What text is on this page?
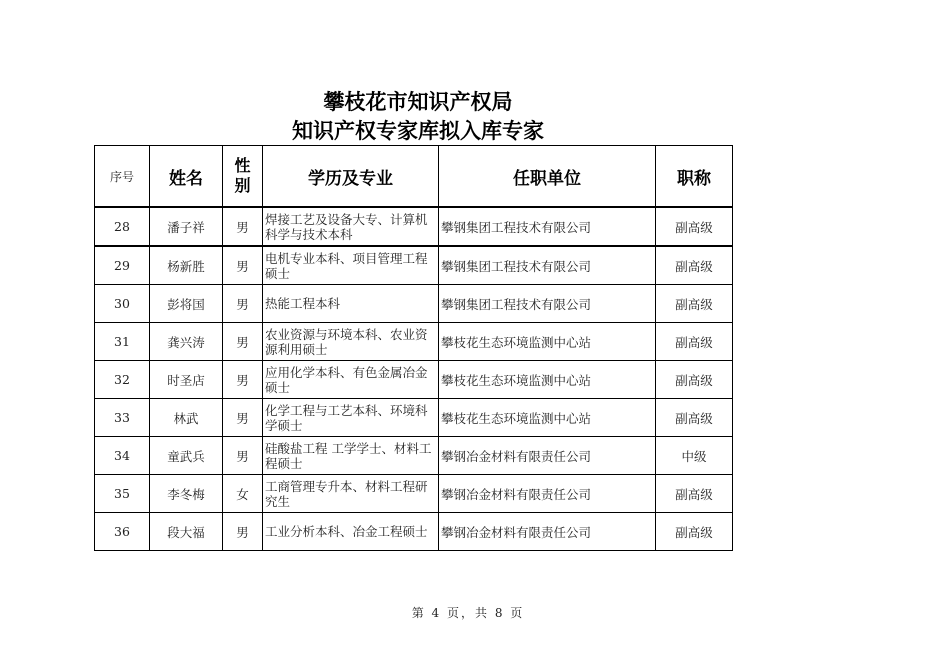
攀枝花市知识产权局
知识产权专家库拟入库专家
序号	姓名	性别	学历及专业	任职单位	职称
28	潘子祥	男	焊接工艺及设备大专、计算机科学与技术本科	攀钢集团工程技术有限公司	副高级
29	杨新胜	男	电机专业本科、项目管理工程硕士	攀钢集团工程技术有限公司	副高级
30	彭将国	男	热能工程本科	攀钢集团工程技术有限公司	副高级
31	龚兴涛	男	农业资源与环境本科、农业资源利用硕士	攀枝花生态环境监测中心站	副高级
32	时圣店	男	应用化学本科、有色金属冶金硕士	攀枝花生态环境监测中心站	副高级
33	林武	男	化学工程与工艺本科、环境科学硕士	攀枝花生态环境监测中心站	副高级
34	童武兵	男	硅酸盐工程 工学学士、材料工程硕士	攀钢冶金材料有限责任公司	中级
35	李冬梅	女	工商管理专升本、材料工程研究生	攀钢冶金材料有限责任公司	副高级
36	段大福	男	工业分析本科、冶金工程硕士	攀钢冶金材料有限责任公司	副高级
第 4 页，共 8 页
